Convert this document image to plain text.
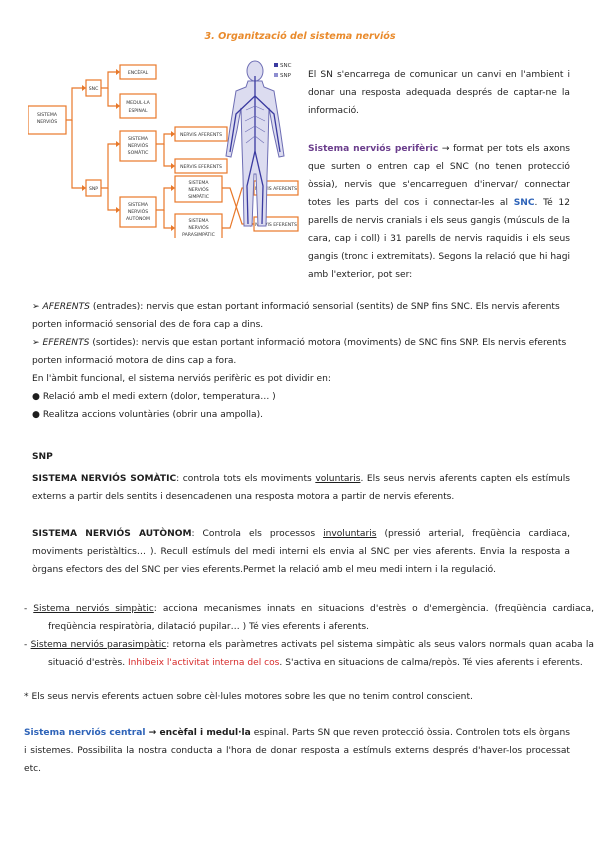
3. Organització del sistema nerviós
SISTEMA
NERVIÓS
SNC
SNP
ENCÈFAL
MEDUL·LA
ESPINAL
SISTEMA
NERVIÓS
SOMÀTIC
SISTEMA
NERVIÓS
AUTÒNOM
NERVIS AFERENTS
NERVIS EFERENTS
SISTEMA
NERVIÓS
SIMPÀTIC
SISTEMA
NERVIÓS
PARASIMPÀTIC
NERVIS AFERENTS
NERVIS EFERENTS
SNC
SNP El SN s'encarrega de comunicar un canvi en l'ambient i donar una resposta adequada després de captar-ne la informació.

Sistema nerviós perifèric → format per tots els axons que surten o entren cap el SNC (no tenen protecció òssia), nervis que s'encarreguen d'inervar/ connectar totes les parts del cos i connectar-les al SNC. Té 12 parells de nervis cranials i els seus gangis (músculs de la cara, cap i coll) i 31 parells de nervis raquidis i els seus gangis (tronc i extremitats). Segons la relació que hi hagi amb l'exterior, pot ser:

➢ AFERENTS (entrades): nervis que estan portant informació sensorial (sentits) de SNP fins SNC. Els nervis aferents porten informació sensorial des de fora cap a dins.

➢ EFERENTS (sortides): nervis que estan portant informació motora (moviments) de SNC fins SNP. Els nervis eferents porten informació motora de dins cap a fora.

En l'àmbit funcional, el sistema nerviós perifèric es pot dividir en:

● Relació amb el medi extern (dolor, temperatura… )

● Realitza accions voluntàries (obrir una ampolla).

SNP

SISTEMA NERVIÓS SOMÀTIC: controla tots els moviments voluntaris. Els seus nervis aferents capten els estímuls externs a partir dels sentits i desencadenen una resposta motora a partir de nervis eferents.

SISTEMA NERVIÓS AUTÒNOM: Controla els processos involuntaris (pressió arterial, freqüència cardiaca, moviments peristàltics… ). Recull estímuls del medi interni els envia al SNC per vies aferents. Envia la resposta a òrgans efectors des del SNC per vies eferents.Permet la relació amb el meu medi intern i la regulació.

- Sistema nerviós simpàtic: acciona mecanismes innats en situacions d'estrès o d'emergència. (freqüència cardiaca, freqüència respiratòria, dilatació pupilar… ) Té vies eferents i aferents.

- Sistema nerviós parasimpàtic: retorna els paràmetres activats pel sistema simpàtic als seus valors normals quan acaba la situació d'estrès. Inhibeix l'activitat interna del cos. S'activa en situacions de calma/repòs. Té vies aferents i eferents.

* Els seus nervis eferents actuen sobre cèl·lules motores sobre les que no tenim control conscient.

Sistema nerviós central → encèfal i medul·la espinal. Parts SN que reven protecció òssia. Controlen tots els òrgans i sistemes. Possibilita la nostra conducta a l'hora de donar resposta a estímuls externs després d'haver-los processat etc.
